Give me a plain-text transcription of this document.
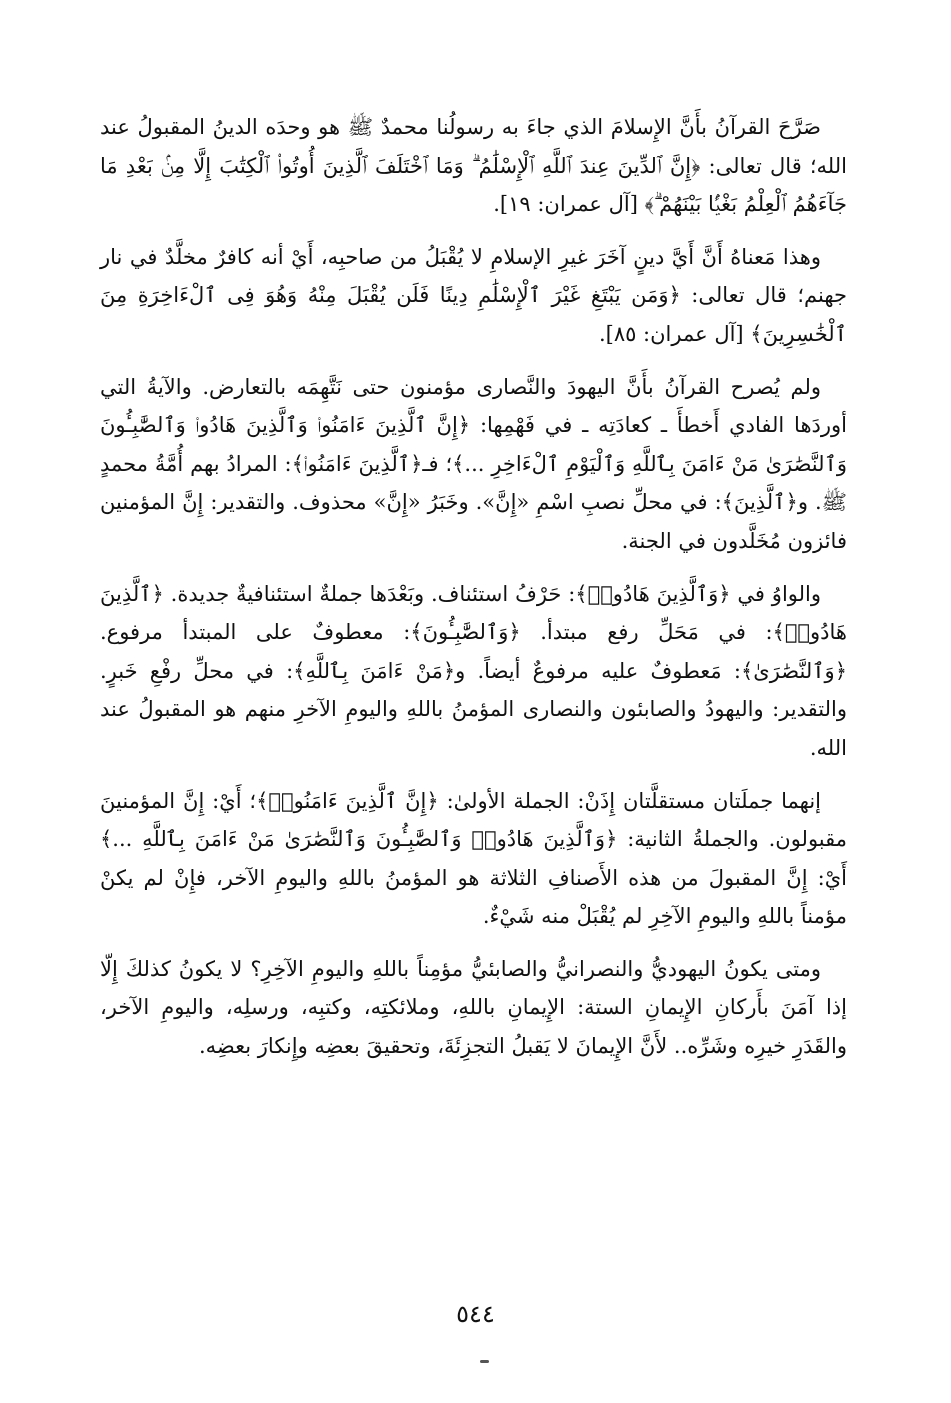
صَرَّحَ القرآنُ بأَنَّ الإِسلامَ الذي جاءَ به رسولُنا محمدٌ ﷺ هو وحدَه الدينُ المقبولُ عند الله؛ قال تعالى: ﴿إِنَّ ٱلدِّينَ عِندَ ٱللَّهِ ٱلْإِسْلَٰمُ ۗ وَمَا ٱخْتَلَفَ ٱلَّذِينَ أُوتُوا۟ ٱلْكِتَٰبَ إِلَّا مِنۢ بَعْدِ مَا جَآءَهُمُ ٱلْعِلْمُ بَغْيًۢا بَيْنَهُمْ ۗ﴾ [آل عمران: ١٩].

وهذا مَعناهُ أَنَّ أَيَّ دينٍ آخَرَ غيرِ الإسلامِ لا يُقْبَلُ من صاحبِه، أَيْ أنه كافرٌ مخلَّدٌ في نار جهنم؛ قال تعالى: ﴿وَمَن يَبْتَغِ غَيْرَ ٱلْإِسْلَٰمِ دِينًا فَلَن يُقْبَلَ مِنْهُ وَهُوَ فِى ٱلْءَاخِرَةِ مِنَ ٱلْخَٰسِرِينَ﴾ [آل عمران: ٨٥].

ولم يُصرح القرآنُ بأَنَّ اليهودَ والنَّصارى مؤمنون حتى نَتَّهِمَه بالتعارض. والآيةُ التي أوردَها الفادي أَخطأَ ـ كعادَتِه ـ في فَهْمِها: ﴿إِنَّ ٱلَّذِينَ ءَامَنُوا۟ وَٱلَّذِينَ هَادُوا۟ وَٱلصَّٰبِـُٔونَ وَٱلنَّصَٰرَىٰ مَنْ ءَامَنَ بِٱللَّهِ وَٱلْيَوْمِ ٱلْءَاخِرِ ...﴾؛ فـ﴿ٱلَّذِينَ ءَامَنُوا۟﴾: المرادُ بهم أُمَّةُ محمدٍ ﷺ. و﴿ٱلَّذِينَ﴾: في محلِّ نصبِ اسْمِ «إِنَّ». وخَبَرُ «إِنَّ» محذوف. والتقدير: إِنَّ المؤمنين فائزون مُخَلَّدون في الجنة.

والواوُ في ﴿وَٱلَّذِينَ هَادُوا۟﴾: حَرْفُ استئناف. وبَعْدَها جملةٌ استئنافيةٌ جديدة. ﴿ٱلَّذِينَ هَادُوا۟﴾: في مَحَلِّ رفع مبتدأ. ﴿وَٱلصَّٰبِـُٔونَ﴾: معطوفٌ على المبتدأ مرفوع. ﴿وَٱلنَّصَٰرَىٰ﴾: مَعطوفٌ عليه مرفوعٌ أيضاً. و﴿مَنْ ءَامَنَ بِٱللَّهِ﴾: في محلِّ رفْعِ خَبرٍ. والتقدير: واليهودُ والصابئون والنصارى المؤمنُ باللهِ واليومِ الآخرِ منهم هو المقبولُ عند الله.

إنهما جملَتان مستقلَّتان إِذَنْ: الجملة الأولىٰ: ﴿إِنَّ ٱلَّذِينَ ءَامَنُوا۟﴾؛ أَيْ: إِنَّ المؤمنينَ مقبولون. والجملةُ الثانية: ﴿وَٱلَّذِينَ هَادُوا۟ وَٱلصَّٰبِـُٔونَ وَٱلنَّصَٰرَىٰ مَنْ ءَامَنَ بِٱللَّهِ ...﴾ أَيْ: إِنَّ المقبولَ من هذه الأَصنافِ الثلاثة هو المؤمنُ باللهِ واليومِ الآخر، فإِنْ لم يكنْ مؤمناً باللهِ واليومِ الآخِرِ لم يُقْبَلْ منه شَيْءٌ.

ومتى يكونُ اليهوديُّ والنصرانيُّ والصابئيُّ مؤمِناً باللهِ واليومِ الآخِرِ؟ لا يكونُ كذلكَ إِلّا إذا آمَنَ بأَركانِ الإِيمانِ الستة: الإِيمانِ باللهِ، وملائكتِه، وكتبِه، ورسلِه، واليومِ الآخر، والقَدَرِ خيرِه وشَرِّه.. لأَنَّ الإِيمانَ لا يَقبلُ التجزِئَةَ، وتحقيقَ بعضِه وإِنكارَ بعضِه.

٥٤٤
